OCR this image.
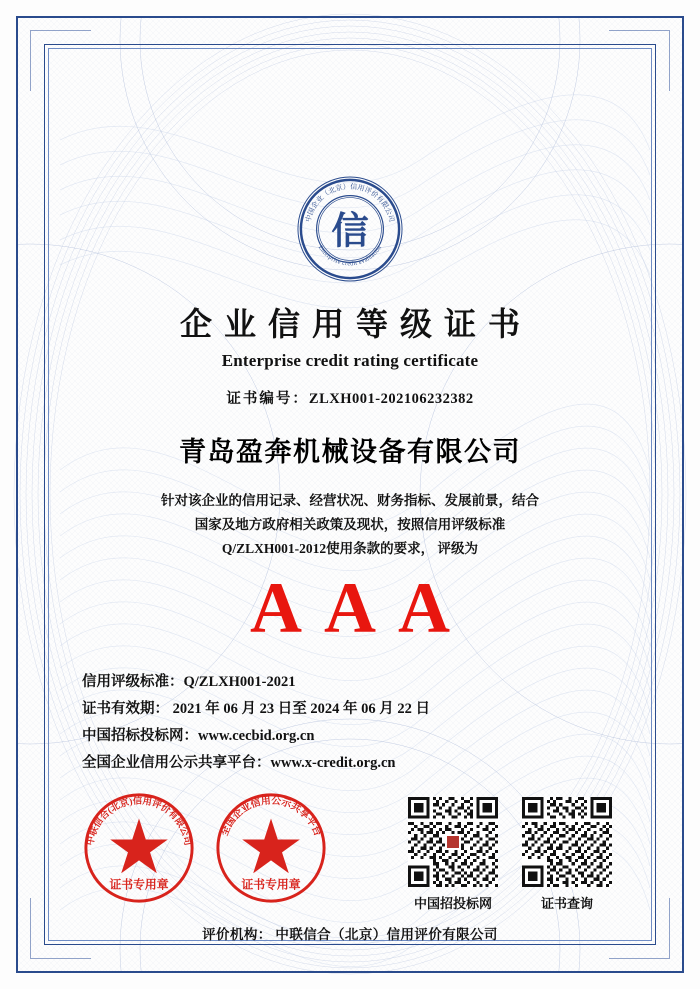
中国企业（北京）信用评价有限公司
Enterprise credit evaluation
信
企业信用等级证书
Enterprise credit rating certificate
证书编号：ZLXH001-202106232382
青岛盈奔机械设备有限公司
针对该企业的信用记录、经营状况、财务指标、发展前景，结合
国家及地方政府相关政策及现状，按照信用评级标准
Q/ZLXH001-2012使用条款的要求， 评级为
AAA
信用评级标准：Q/ZLXH001-2021
证书有效期： 2021 年 06 月 23 日至 2024 年 06 月 22 日
中国招标投标网：www.cecbid.org.cn
全国企业信用公示共享平台：www.x-credit.org.cn
中联信合(北京)信用评价有限公司
证书专用章
全国企业信用公示共享平台
证书专用章
中国招投标网	证书查询
评价机构： 中联信合（北京）信用评价有限公司
